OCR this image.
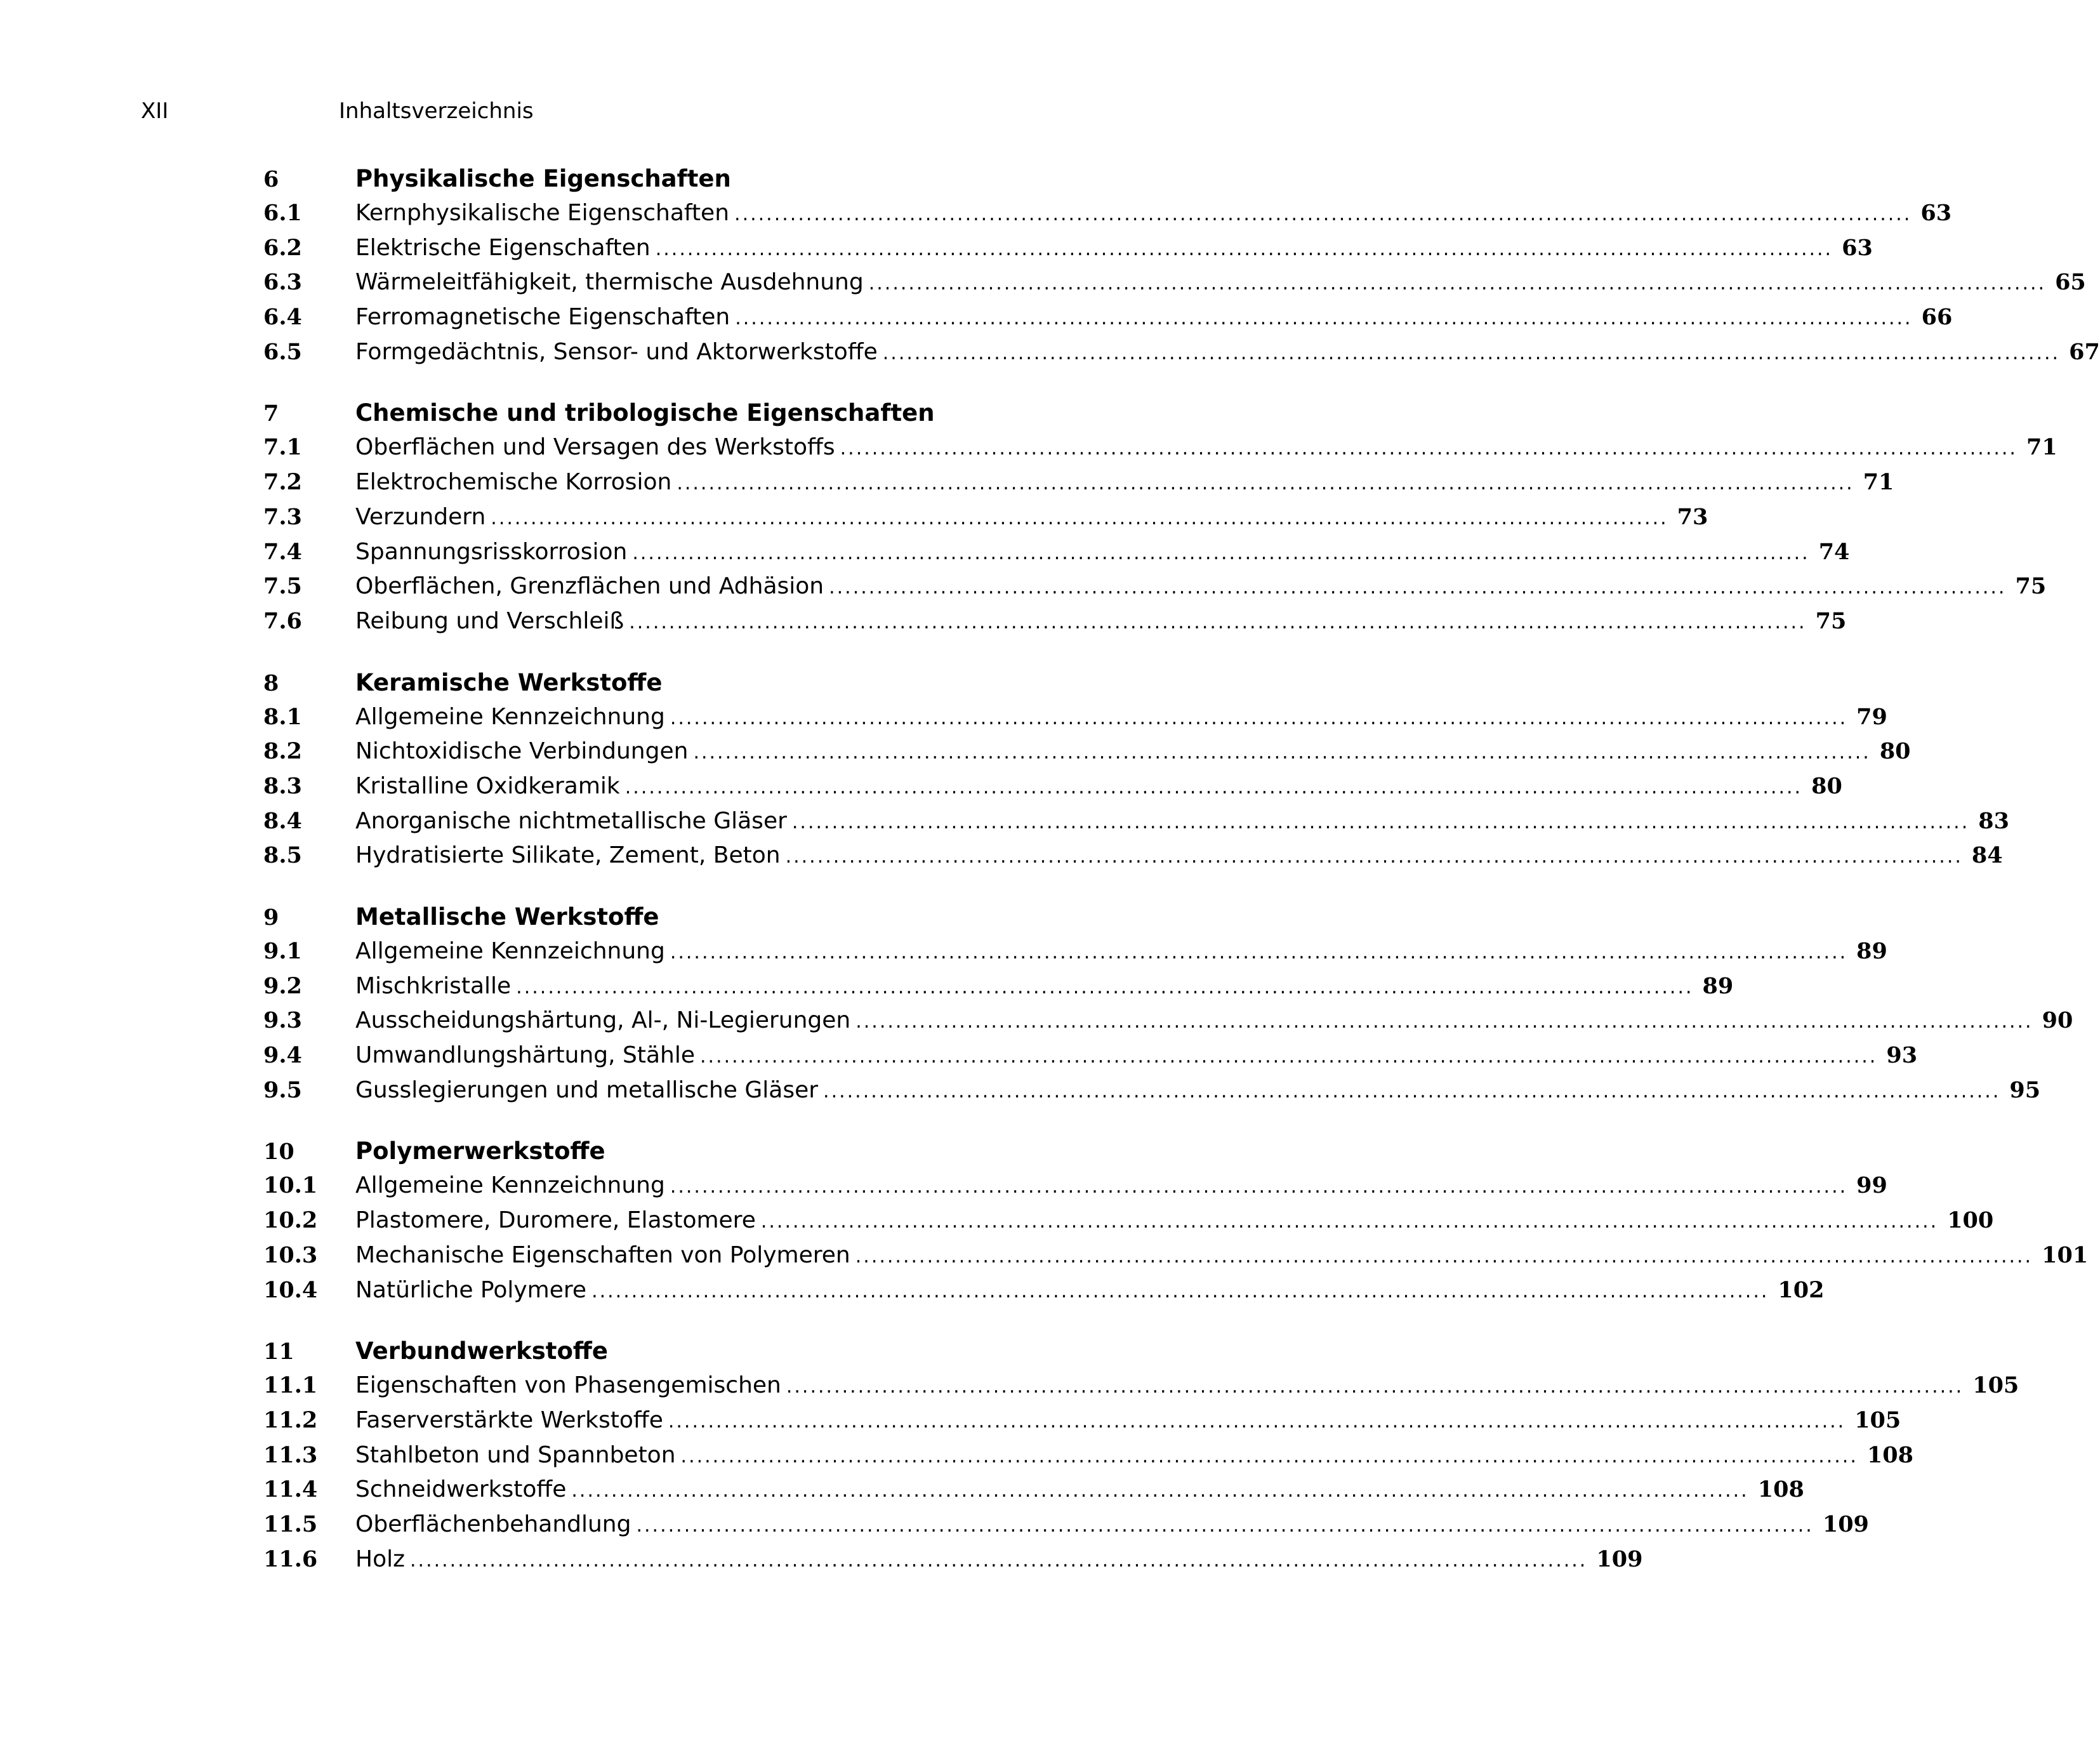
XII	Inhaltsverzeichnis
6	Physikalische Eigenschaften
6.1	Kernphysikalische Eigenschaften .................................................................................................................................................... 63
6.2	Elektrische Eigenschaften .................................................................................................................................................... 63
6.3	Wärmeleitfähigkeit, thermische Ausdehnung .................................................................................................................................................... 65
6.4	Ferromagnetische Eigenschaften .................................................................................................................................................... 66
6.5	Formgedächtnis, Sensor- und Aktorwerkstoffe .................................................................................................................................................... 67
7	Chemische und tribologische Eigenschaften
7.1	Oberflächen und Versagen des Werkstoffs .................................................................................................................................................... 71
7.2	Elektrochemische Korrosion .................................................................................................................................................... 71
7.3	Verzundern .................................................................................................................................................... 73
7.4	Spannungsrisskorrosion .................................................................................................................................................... 74
7.5	Oberflächen, Grenzflächen und Adhäsion .................................................................................................................................................... 75
7.6	Reibung und Verschleiß .................................................................................................................................................... 75
8	Keramische Werkstoffe
8.1	Allgemeine Kennzeichnung .................................................................................................................................................... 79
8.2	Nichtoxidische Verbindungen .................................................................................................................................................... 80
8.3	Kristalline Oxidkeramik .................................................................................................................................................... 80
8.4	Anorganische nichtmetallische Gläser .................................................................................................................................................... 83
8.5	Hydratisierte Silikate, Zement, Beton .................................................................................................................................................... 84
9	Metallische Werkstoffe
9.1	Allgemeine Kennzeichnung .................................................................................................................................................... 89
9.2	Mischkristalle .................................................................................................................................................... 89
9.3	Ausscheidungshärtung, Al-, Ni-Legierungen .................................................................................................................................................... 90
9.4	Umwandlungshärtung, Stähle .................................................................................................................................................... 93
9.5	Gusslegierungen und metallische Gläser .................................................................................................................................................... 95
10	Polymerwerkstoffe
10.1	Allgemeine Kennzeichnung .................................................................................................................................................... 99
10.2	Plastomere, Duromere, Elastomere .................................................................................................................................................... 100
10.3	Mechanische Eigenschaften von Polymeren .................................................................................................................................................... 101
10.4	Natürliche Polymere .................................................................................................................................................... 102
11	Verbundwerkstoffe
11.1	Eigenschaften von Phasengemischen .................................................................................................................................................... 105
11.2	Faserverstärkte Werkstoffe .................................................................................................................................................... 105
11.3	Stahlbeton und Spannbeton .................................................................................................................................................... 108
11.4	Schneidwerkstoffe .................................................................................................................................................... 108
11.5	Oberflächenbehandlung .................................................................................................................................................... 109
11.6	Holz .................................................................................................................................................... 109
